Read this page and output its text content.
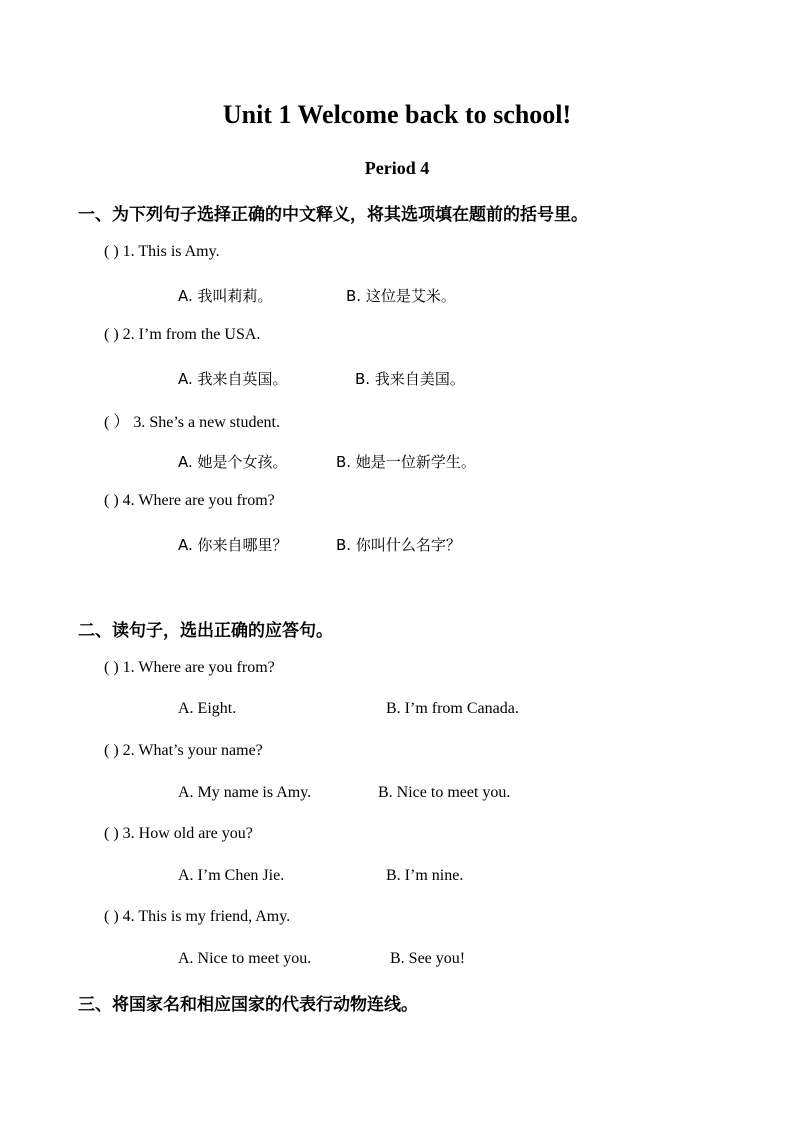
Unit 1 Welcome back to school!
Period 4
一、为下列句子选择正确的中文释义，将其选项填在题前的括号里。
( ) 1. This is Amy.
A. 我叫莉莉。	B. 这位是艾米。
( ) 2. I’m from the USA.
A. 我来自英国。	B. 我来自美国。
( ） 3. She’s a new student.
A. 她是个女孩。	B. 她是一位新学生。
( ) 4. Where are you from?
A. 你来自哪里？	B. 你叫什么名字？
二、读句子，选出正确的应答句。
( ) 1. Where are you from?
A. Eight.	B. I’m from Canada.
( ) 2. What’s your name?
A. My name is Amy.	B. Nice to meet you.
( ) 3. How old are you?
A. I’m Chen Jie.	B. I’m nine.
( ) 4. This is my friend, Amy.
A. Nice to meet you.	B. See you!
三、将国家名和相应国家的代表行动物连线。
